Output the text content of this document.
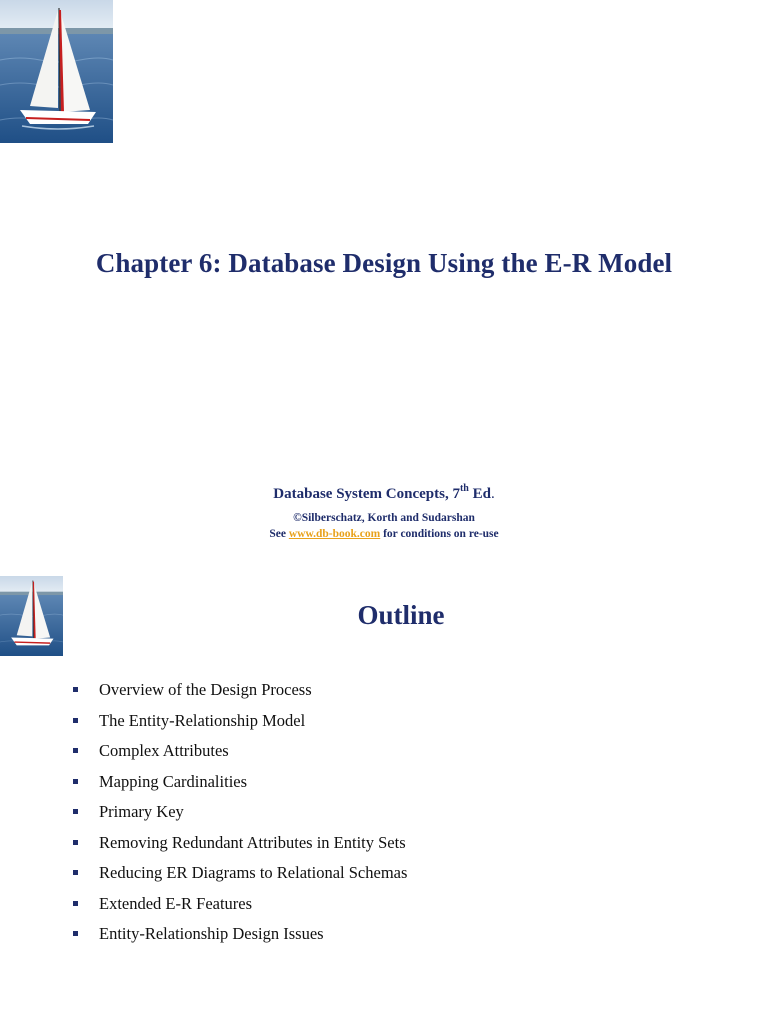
Chapter 6: Database Design Using the E-R Model
Database System Concepts, 7th Ed.
©Silberschatz, Korth and Sudarshan
See www.db-book.com for conditions on re-use
Outline
Overview of the Design Process
The Entity-Relationship Model
Complex Attributes
Mapping Cardinalities
Primary Key
Removing Redundant Attributes in Entity Sets
Reducing ER Diagrams to Relational Schemas
Extended E-R Features
Entity-Relationship Design Issues
